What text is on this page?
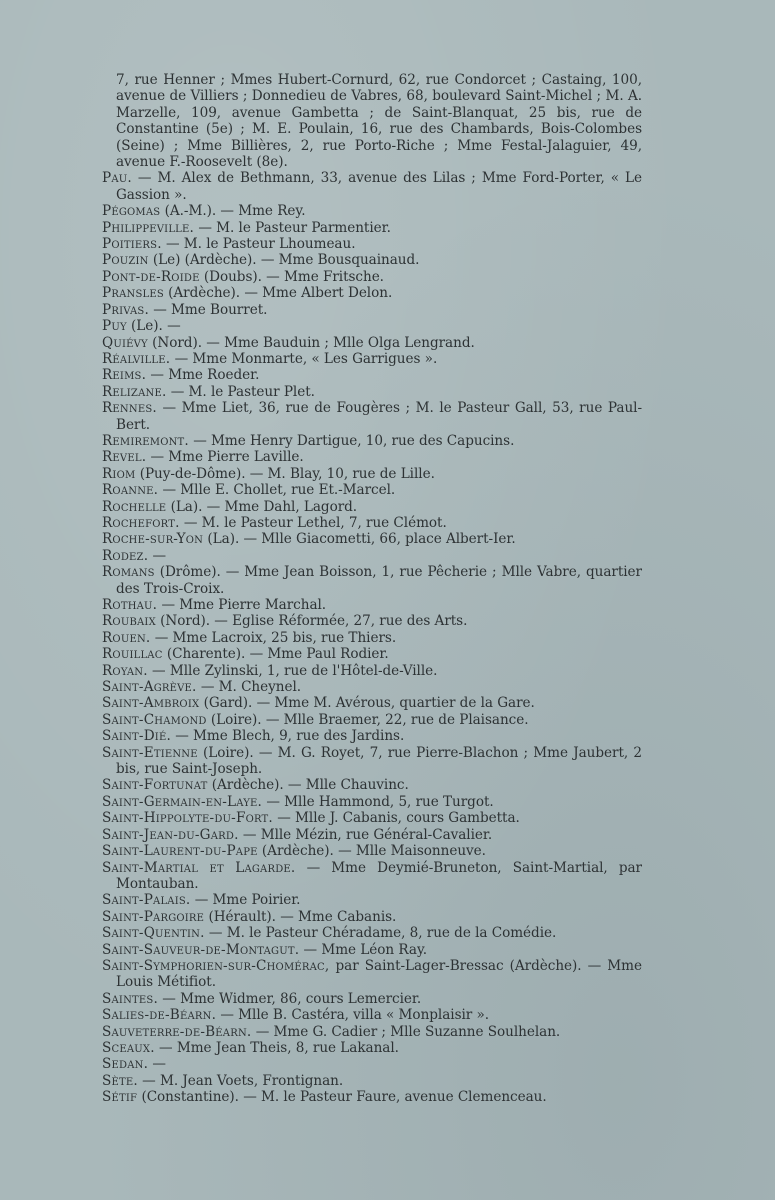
7, rue Henner ; Mmes Hubert-Cornurd, 62, rue Condorcet ; Castaing, 100, avenue de Villiers ; Donnedieu de Vabres, 68, boulevard Saint-Michel ; M. A. Marzelle, 109, avenue Gambetta ; de Saint-Blanquat, 25 bis, rue de Constantine (5e) ; M. E. Poulain, 16, rue des Chambards, Bois-Colombes (Seine) ; Mme Billières, 2, rue Porto-Riche ; Mme Festal-Jalaguier, 49, avenue F.-Roosevelt (8e).

Pau. — M. Alex de Bethmann, 33, avenue des Lilas ; Mme Ford-Porter, « Le Gassion ».

Pégomas (A.-M.). — Mme Rey.

Philippeville. — M. le Pasteur Parmentier.

Poitiers. — M. le Pasteur Lhoumeau.

Pouzin (Le) (Ardèche). — Mme Bousquainaud.

Pont-de-Roide (Doubs). — Mme Fritsche.

Pransles (Ardèche). — Mme Albert Delon.

Privas. — Mme Bourret.

Puy (Le). —

Quiévy (Nord). — Mme Bauduin ; Mlle Olga Lengrand.

Réalville. — Mme Monmarte, « Les Garrigues ».

Reims. — Mme Roeder.

Relizane. — M. le Pasteur Plet.

Rennes. — Mme Liet, 36, rue de Fougères ; M. le Pasteur Gall, 53, rue Paul-Bert.

Remiremont. — Mme Henry Dartigue, 10, rue des Capucins.

Revel. — Mme Pierre Laville.

Riom (Puy-de-Dôme). — M. Blay, 10, rue de Lille.

Roanne. — Mlle E. Chollet, rue Et.-Marcel.

Rochelle (La). — Mme Dahl, Lagord.

Rochefort. — M. le Pasteur Lethel, 7, rue Clémot.

Roche-sur-Yon (La). — Mlle Giacometti, 66, place Albert-Ier.

Rodez. —

Romans (Drôme). — Mme Jean Boisson, 1, rue Pêcherie ; Mlle Vabre, quartier des Trois-Croix.

Rothau. — Mme Pierre Marchal.

Roubaix (Nord). — Eglise Réformée, 27, rue des Arts.

Rouen. — Mme Lacroix, 25 bis, rue Thiers.

Rouillac (Charente). — Mme Paul Rodier.

Royan. — Mlle Zylinski, 1, rue de l'Hôtel-de-Ville.

Saint-Agrève. — M. Cheynel.

Saint-Ambroix (Gard). — Mme M. Avérous, quartier de la Gare.

Saint-Chamond (Loire). — Mlle Braemer, 22, rue de Plaisance.

Saint-Dié. — Mme Blech, 9, rue des Jardins.

Saint-Etienne (Loire). — M. G. Royet, 7, rue Pierre-Blachon ; Mme Jaubert, 2 bis, rue Saint-Joseph.

Saint-Fortunat (Ardèche). — Mlle Chauvinc.

Saint-Germain-en-Laye. — Mlle Hammond, 5, rue Turgot.

Saint-Hippolyte-du-Fort. — Mlle J. Cabanis, cours Gambetta.

Saint-Jean-du-Gard. — Mlle Mézin, rue Général-Cavalier.

Saint-Laurent-du-Pape (Ardèche). — Mlle Maisonneuve.

Saint-Martial et Lagarde. — Mme Deymié-Bruneton, Saint-Martial, par Montauban.

Saint-Palais. — Mme Poirier.

Saint-Pargoire (Hérault). — Mme Cabanis.

Saint-Quentin. — M. le Pasteur Chéradame, 8, rue de la Comédie.

Saint-Sauveur-de-Montagut. — Mme Léon Ray.

Saint-Symphorien-sur-Chomérac, par Saint-Lager-Bressac (Ardèche). — Mme Louis Métifiot.

Saintes. — Mme Widmer, 86, cours Lemercier.

Salies-de-Béarn. — Mlle B. Castéra, villa « Monplaisir ».

Sauveterre-de-Béarn. — Mme G. Cadier ; Mlle Suzanne Soulhelan.

Sceaux. — Mme Jean Theis, 8, rue Lakanal.

Sedan. —

Sète. — M. Jean Voets, Frontignan.

Sétif (Constantine). — M. le Pasteur Faure, avenue Clemenceau.
